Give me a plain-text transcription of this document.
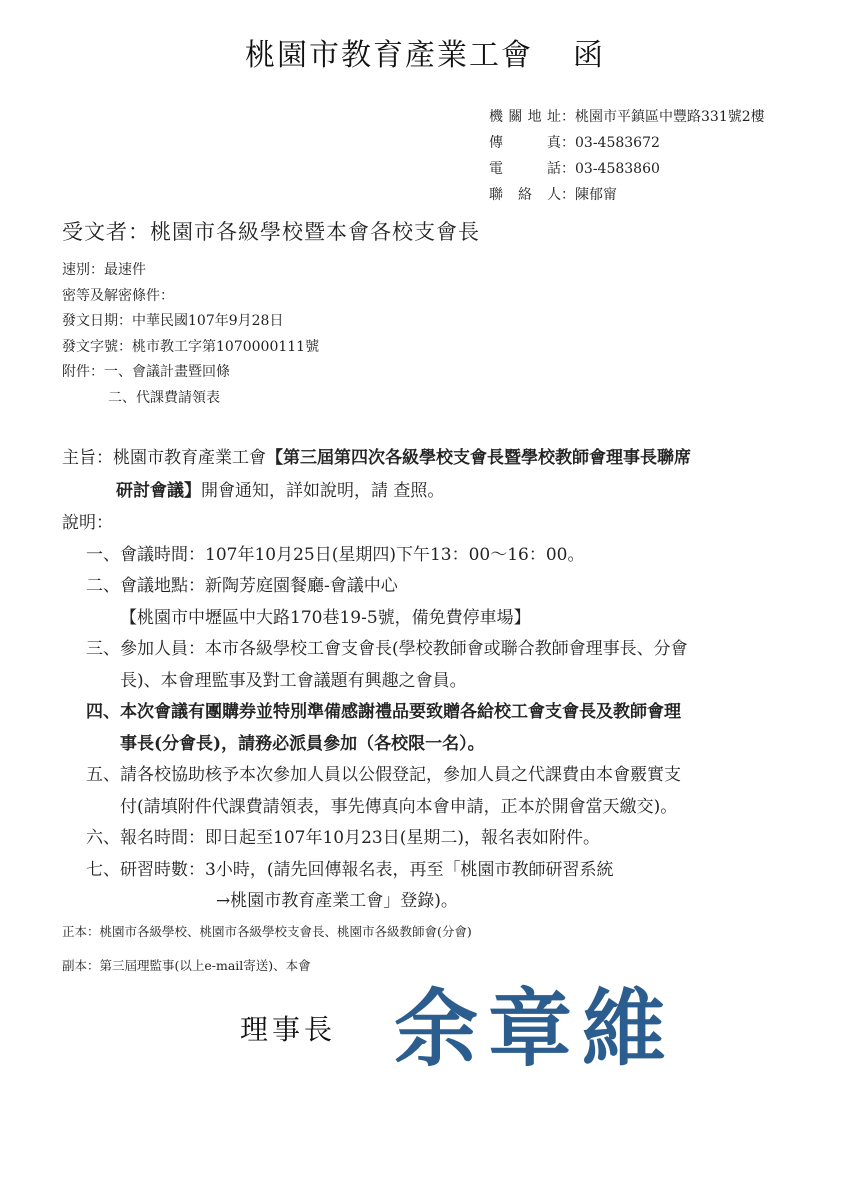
桃園市教育產業工會 函
機 關 地 址 ： 桃園市平鎮區中豐路331號2樓
傳	真 ： 03-4583672
電	話 ： 03-4583860
聯 絡 人 ： 陳郁甯
受文者：桃園市各級學校暨本會各校支會長
速別：最速件
密等及解密條件：
發文日期：中華民國107年9月28日
發文字號：桃市教工字第1070000111號
附件：一、會議計畫暨回條
二、代課費請領表
主旨：桃園市教育產業工會【第三屆第四次各級學校支會長暨學校教師會理事長聯席
研討會議】開會通知，詳如說明，請 查照。
說明：
一、 會議時間：107年10月25日(星期四)下午13：00～16：00。
二、 會議地點：新陶芳庭園餐廳-會議中心
【桃園市中壢區中大路170巷19-5號，備免費停車場】
三、 參加人員：本市各級學校工會支會長(學校教師會或聯合教師會理事長、分會
長)、本會理監事及對工會議題有興趣之會員。
四、 本次會議有團購券並特別準備感謝禮品要致贈各給校工會支會長及教師會理
事長(分會長)，請務必派員參加（各校限一名）。
五、 請各校協助核予本次參加人員以公假登記，參加人員之代課費由本會覈實支
付(請填附件代課費請領表，事先傳真向本會申請，正本於開會當天繳交)。
六、 報名時間：即日起至107年10月23日(星期二)，報名表如附件。
七、 研習時數：3小時，(請先回傳報名表，再至「桃園市教師研習系統
→桃園市教育產業工會」登錄)。
正本：桃園市各級學校、桃園市各級學校支會長、桃園市各級教師會(分會)
副本：第三屆理監事(以上e-mail寄送)、本會
理事長 余章維
